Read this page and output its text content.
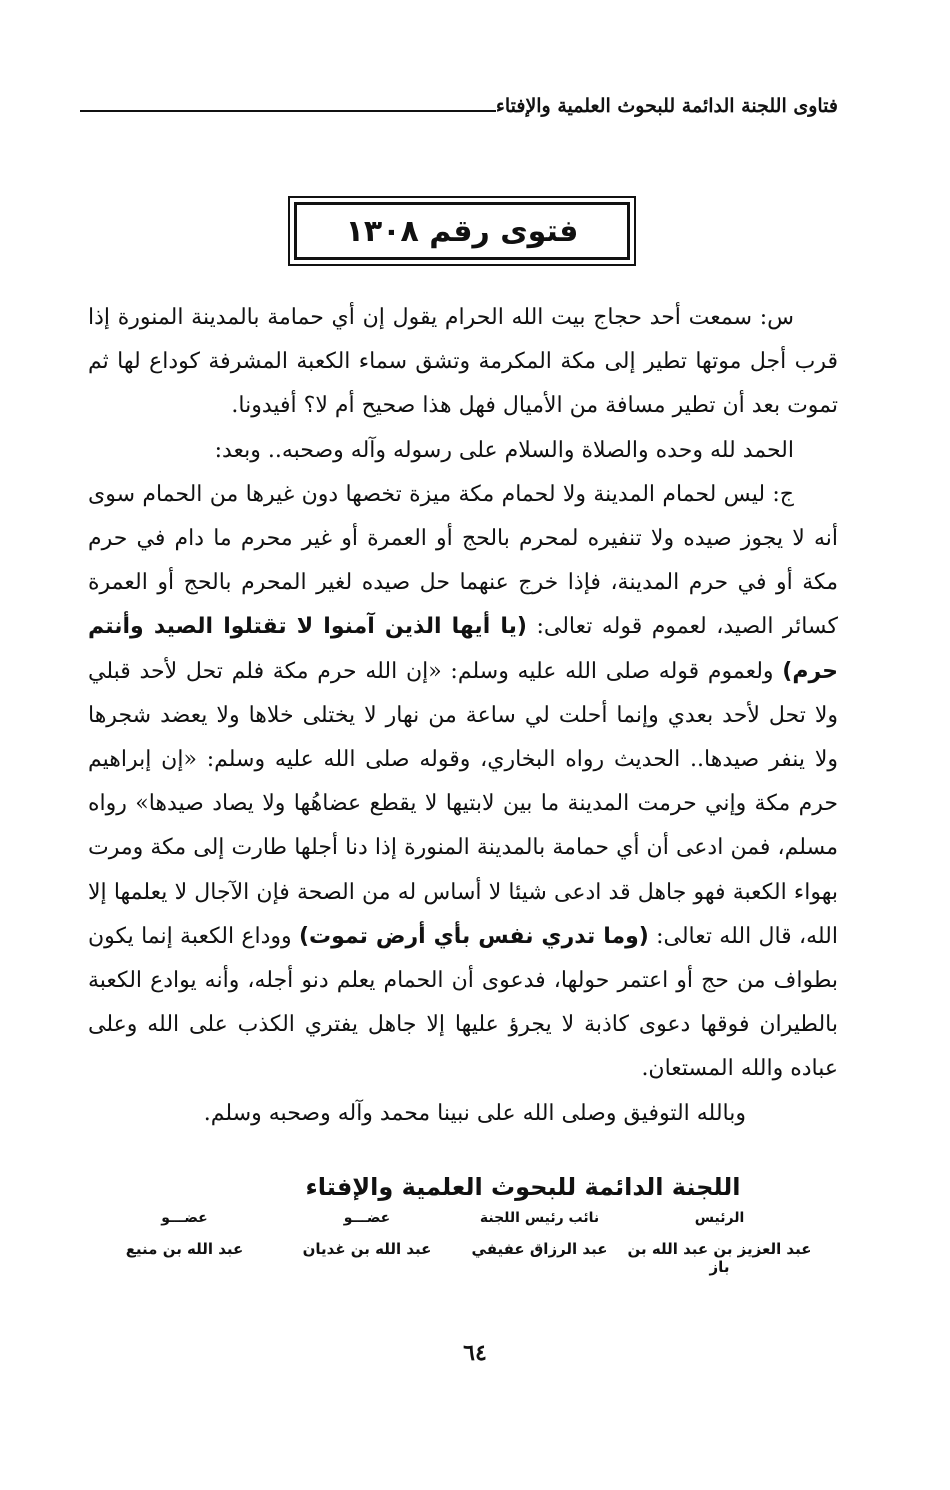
فتاوى اللجنة الدائمة للبحوث العلمية والإفتاء
فتوى رقم ١٣٠٨

س: سمعت أحد حجاج بيت الله الحرام يقول إن أي حمامة بالمدينة المنورة إذا قرب أجل موتها تطير إلى مكة المكرمة وتشق سماء الكعبة المشرفة كوداع لها ثم تموت بعد أن تطير مسافة من الأميال فهل هذا صحيح أم لا؟ أفيدونا.

الحمد لله وحده والصلاة والسلام على رسوله وآله وصحبه.. وبعد:

ج: ليس لحمام المدينة ولا لحمام مكة ميزة تخصها دون غيرها من الحمام سوى أنه لا يجوز صيده ولا تنفيره لمحرم بالحج أو العمرة أو غير محرم ما دام في حرم مكة أو في حرم المدينة، فإذا خرج عنهما حل صيده لغير المحرم بالحج أو العمرة كسائر الصيد، لعموم قوله تعالى: (يا أيها الذين آمنوا لا تقتلوا الصيد وأنتم حرم) ولعموم قوله صلى الله عليه وسلم: «إن الله حرم مكة فلم تحل لأحد قبلي ولا تحل لأحد بعدي وإنما أحلت لي ساعة من نهار لا يختلى خلاها ولا يعضد شجرها ولا ينفر صيدها.. الحديث رواه البخاري، وقوله صلى الله عليه وسلم: «إن إبراهيم حرم مكة وإني حرمت المدينة ما بين لابتيها لا يقطع عضاهُها ولا يصاد صيدها» رواه مسلم، فمن ادعى أن أي حمامة بالمدينة المنورة إذا دنا أجلها طارت إلى مكة ومرت بهواء الكعبة فهو جاهل قد ادعى شيئا لا أساس له من الصحة فإن الآجال لا يعلمها إلا الله، قال الله تعالى: (وما تدري نفس بأي أرض تموت) ووداع الكعبة إنما يكون بطواف من حج أو اعتمر حولها، فدعوى أن الحمام يعلم دنو أجله، وأنه يوادع الكعبة بالطيران فوقها دعوى كاذبة لا يجرؤ عليها إلا جاهل يفتري الكذب على الله وعلى عباده والله المستعان.

وبالله التوفيق وصلى الله على نبينا محمد وآله وصحبه وسلم.

اللجنة الدائمة للبحوث العلمية والإفتاء
الرئيس
نائب رئيس اللجنة
عضـــو
عضـــو
عبد العزيز بن عبد الله بن باز
عبد الرزاق عفيفي
عبد الله بن غديان
عبد الله بن منيع
٦٤
